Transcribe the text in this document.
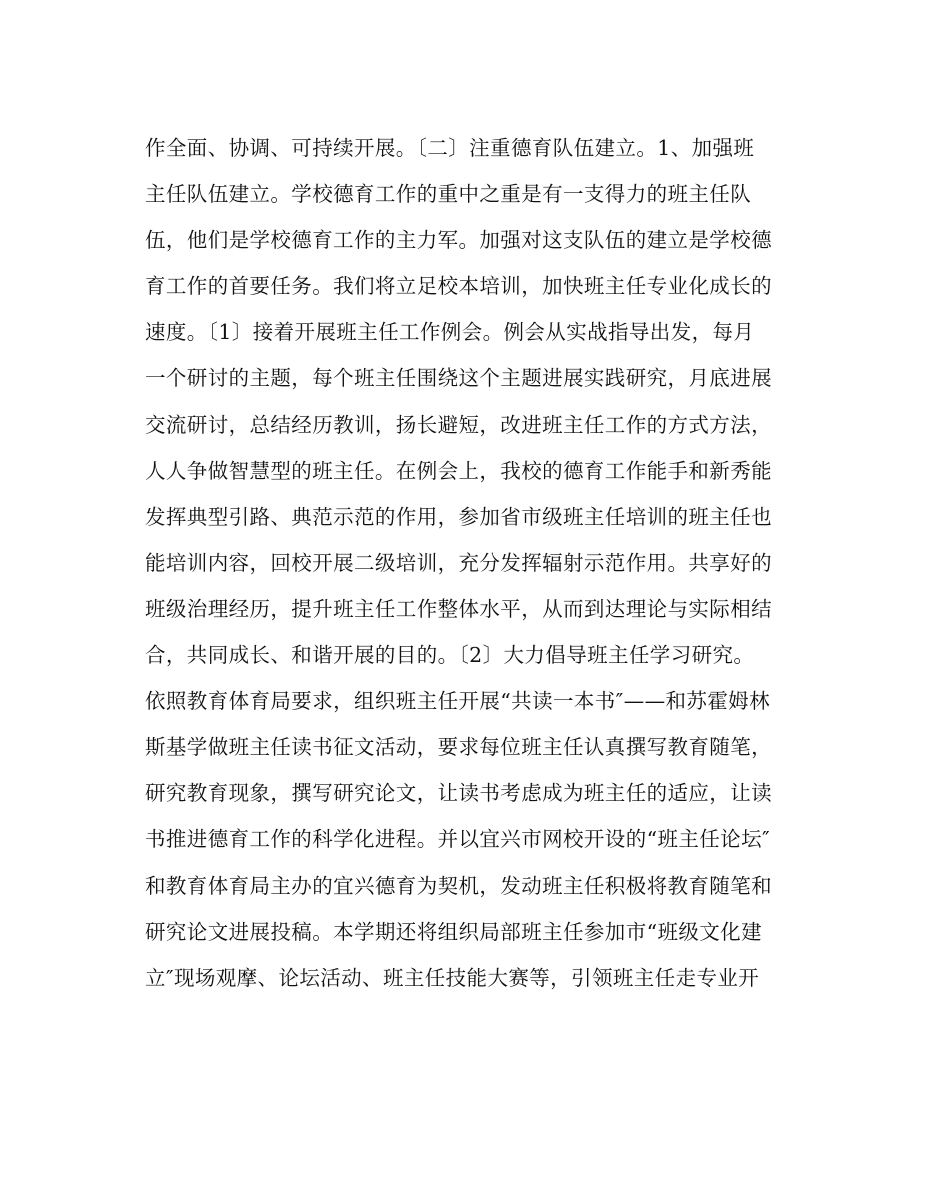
作全面、协调、可持续开展。〔二〕注重德育队伍建立。1、加强班
主任队伍建立。学校德育工作的重中之重是有一支得力的班主任队
伍，他们是学校德育工作的主力军。加强对这支队伍的建立是学校德
育工作的首要任务。我们将立足校本培训，加快班主任专业化成长的
速度。〔1〕接着开展班主任工作例会。例会从实战指导出发，每月
一个研讨的主题，每个班主任围绕这个主题进展实践研究，月底进展
交流研讨，总结经历教训，扬长避短，改进班主任工作的方式方法，
人人争做智慧型的班主任。在例会上，我校的德育工作能手和新秀能
发挥典型引路、典范示范的作用，参加省市级班主任培训的班主任也
能培训内容，回校开展二级培训，充分发挥辐射示范作用。共享好的
班级治理经历，提升班主任工作整体水平，从而到达理论与实际相结
合，共同成长、和谐开展的目的。〔2〕大力倡导班主任学习研究。
依照教育体育局要求，组织班主任开展“共读一本书″——和苏霍姆林
斯基学做班主任读书征文活动，要求每位班主任认真撰写教育随笔，
研究教育现象，撰写研究论文，让读书考虑成为班主任的适应，让读
书推进德育工作的科学化进程。并以宜兴市网校开设的“班主任论坛″
和教育体育局主办的宜兴德育为契机，发动班主任积极将教育随笔和
研究论文进展投稿。本学期还将组织局部班主任参加市“班级文化建
立″现场观摩、论坛活动、班主任技能大赛等，引领班主任走专业开
